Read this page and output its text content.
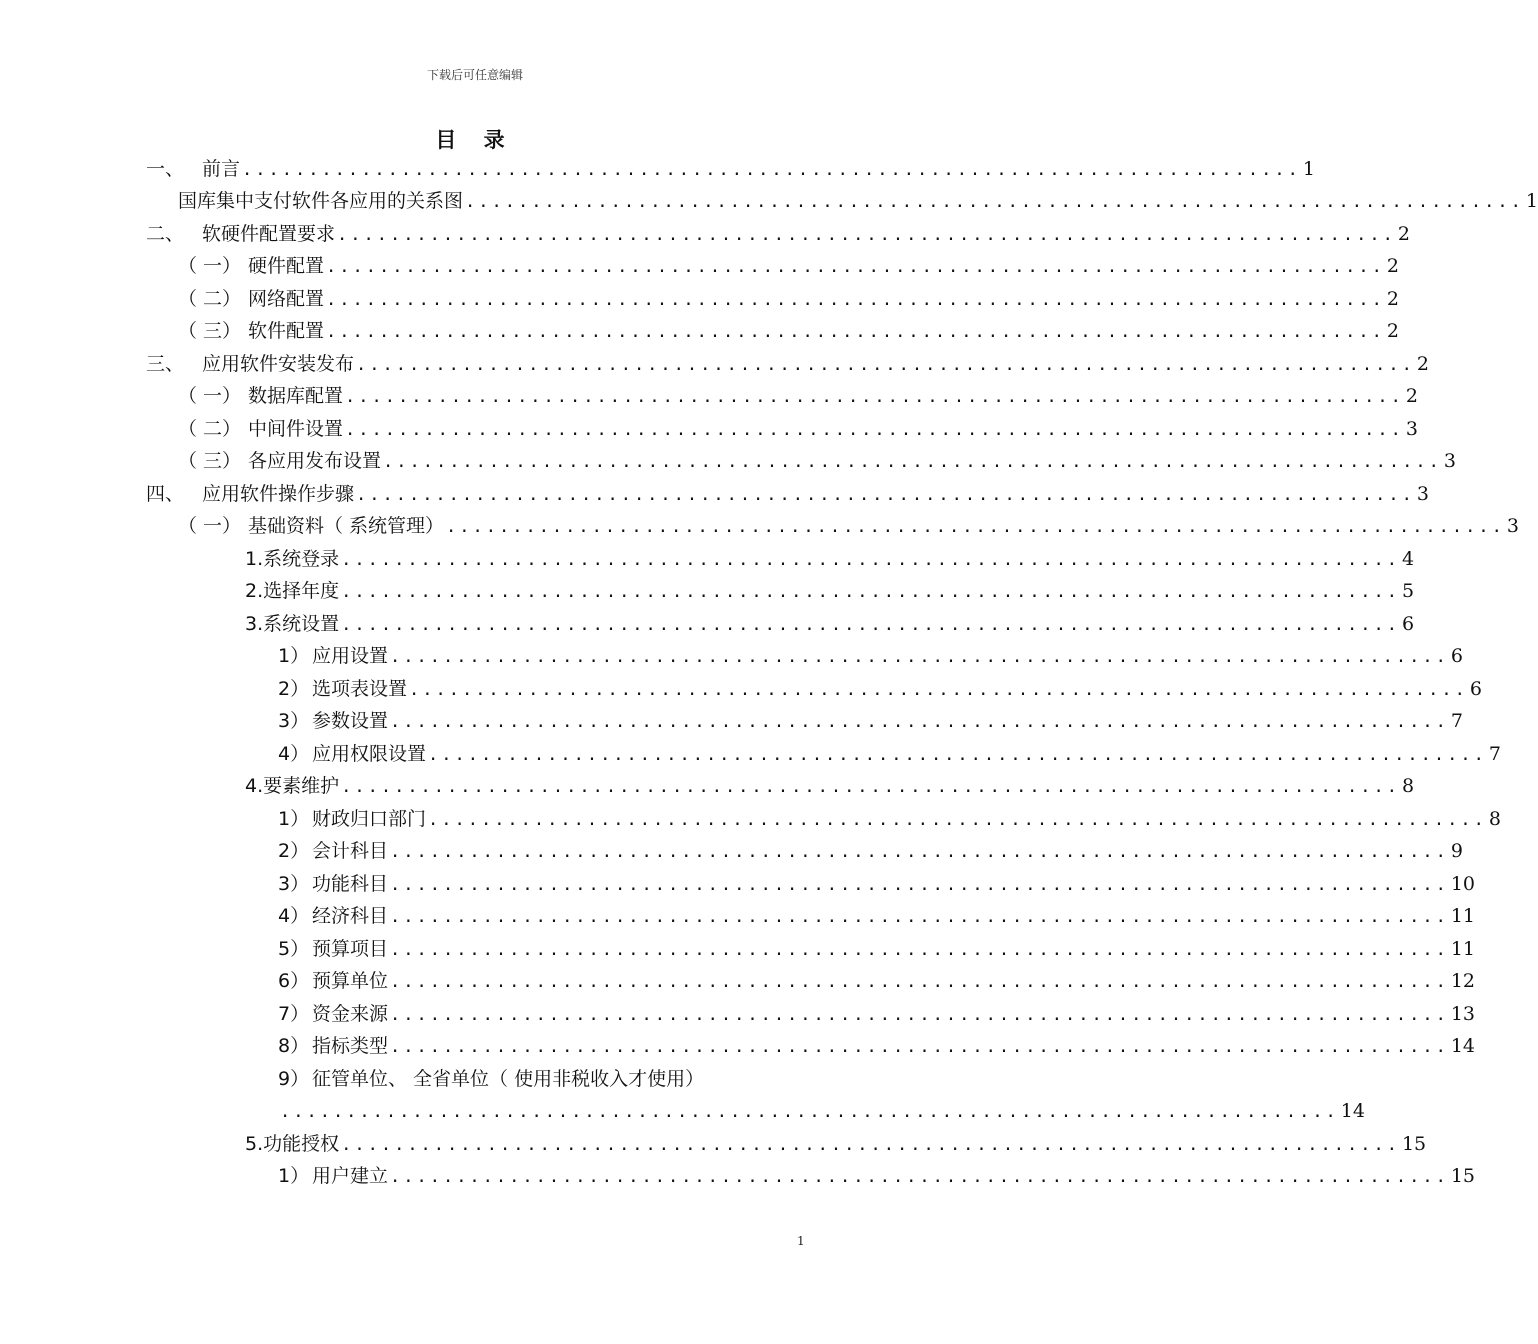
下载后可任意编辑
目 录
一、 前言 ................................................................................ 1
国库集中支付软件各应用的关系图 ................................................................................ 1
二、 软硬件配置要求 ................................................................................ 2
（ 一） 硬件配置 ................................................................................ 2
（ 二） 网络配置 ................................................................................ 2
（ 三） 软件配置 ................................................................................ 2
三、 应用软件安装发布 ................................................................................ 2
（ 一） 数据库配置 ................................................................................ 2
（ 二） 中间件设置 ................................................................................ 3
（ 三） 各应用发布设置 ................................................................................ 3
四、 应用软件操作步骤 ................................................................................ 3
（ 一） 基础资料（ 系统管理） ................................................................................ 3
1.系统登录 ................................................................................ 4
2.选择年度 ................................................................................ 5
3.系统设置 ................................................................................ 6
1） 应用设置 ................................................................................ 6
2） 选项表设置 ................................................................................ 6
3） 参数设置 ................................................................................ 7
4） 应用权限设置 ................................................................................ 7
4.要素维护 ................................................................................ 8
1） 财政归口部门 ................................................................................ 8
2） 会计科目 ................................................................................ 9
3） 功能科目 ................................................................................ 10
4） 经济科目 ................................................................................ 11
5） 预算项目 ................................................................................ 11
6） 预算单位 ................................................................................ 12
7） 资金来源 ................................................................................ 13
8） 指标类型 ................................................................................ 14
9） 征管单位、 全省单位（ 使用非税收入才使用）
................................................................................ 14
5.功能授权 ................................................................................ 15
1） 用户建立 ................................................................................ 15
1
